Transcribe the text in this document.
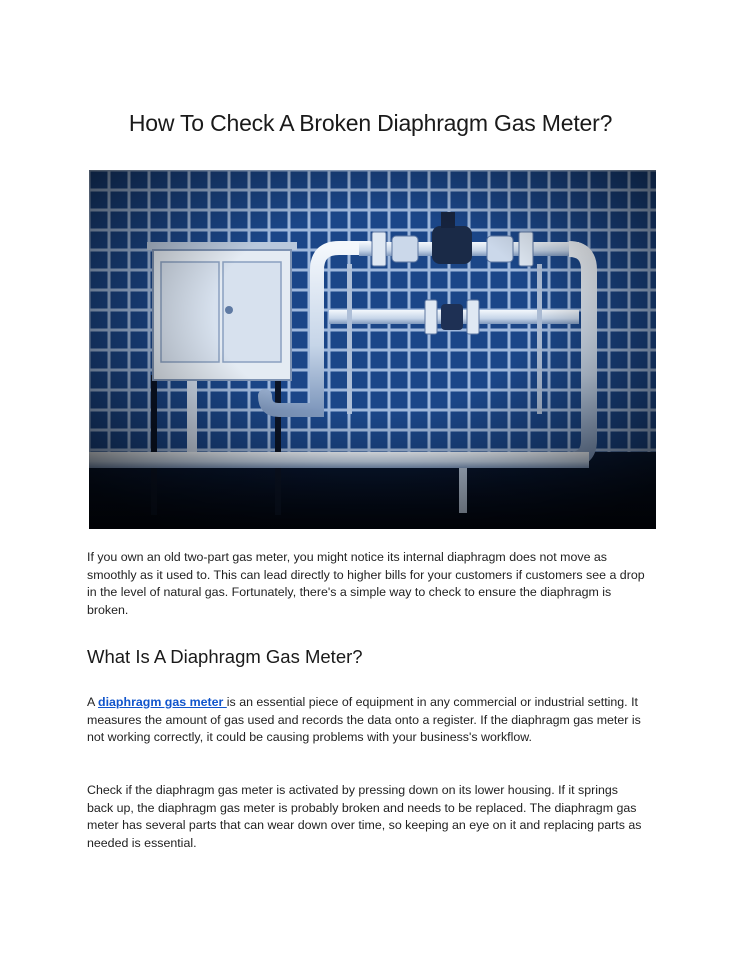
How To Check A Broken Diaphragm Gas Meter?

If you own an old two-part gas meter, you might notice its internal diaphragm does not move as smoothly as it used to. This can lead directly to higher bills for your customers if customers see a drop in the level of natural gas. Fortunately, there's a simple way to check to ensure the diaphragm is broken.

What Is A Diaphragm Gas Meter?

A diaphragm gas meter is an essential piece of equipment in any commercial or industrial setting. It measures the amount of gas used and records the data onto a register. If the diaphragm gas meter is not working correctly, it could be causing problems with your business's workflow.

Check if the diaphragm gas meter is activated by pressing down on its lower housing. If it springs back up, the diaphragm gas meter is probably broken and needs to be replaced. The diaphragm gas meter has several parts that can wear down over time, so keeping an eye on it and replacing parts as needed is essential.
